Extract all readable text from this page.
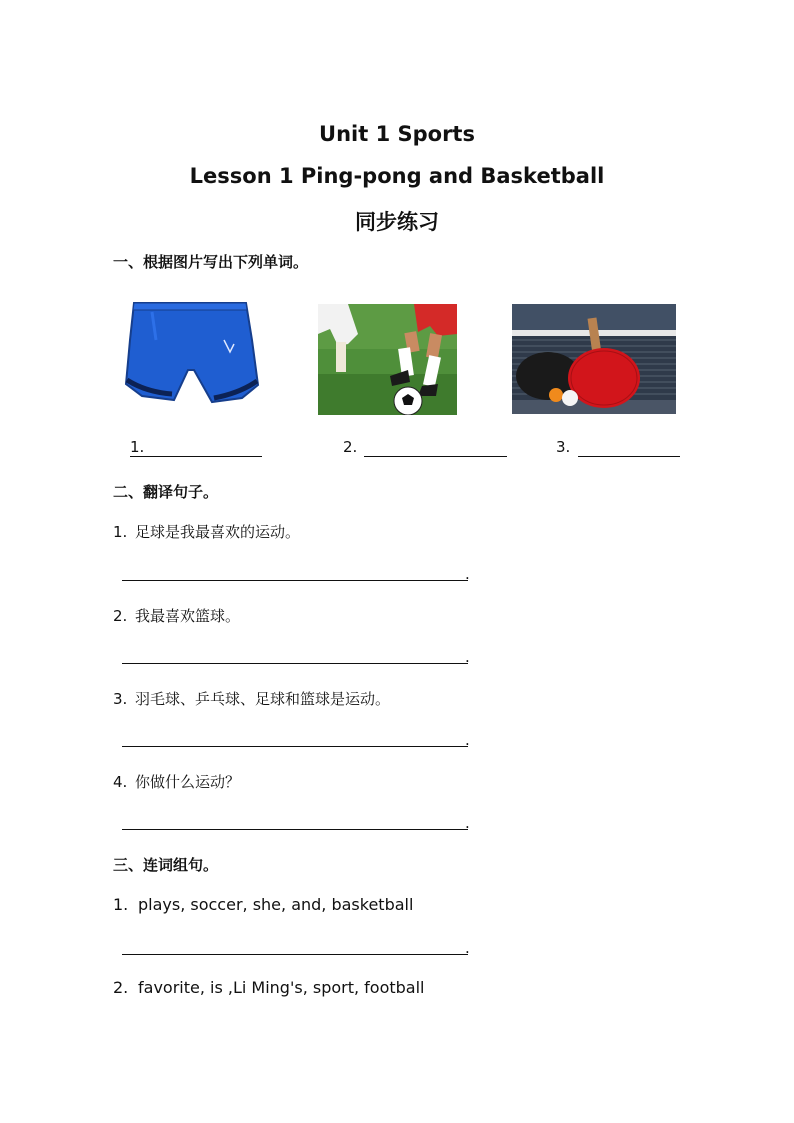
Unit 1 Sports
Lesson 1 Ping-pong and Basketball
同步练习
一、根据图片写出下列单词。
1.	2.	3.
二、翻译句子。
1. 足球是我最喜欢的运动。
.
2. 我最喜欢篮球。
.
3. 羽毛球、乒乓球、足球和篮球是运动。
.
4. 你做什么运动？
.
三、连词组句。
1. plays, soccer, she, and, basketball
.
2. favorite, is ,Li Ming's, sport, football
